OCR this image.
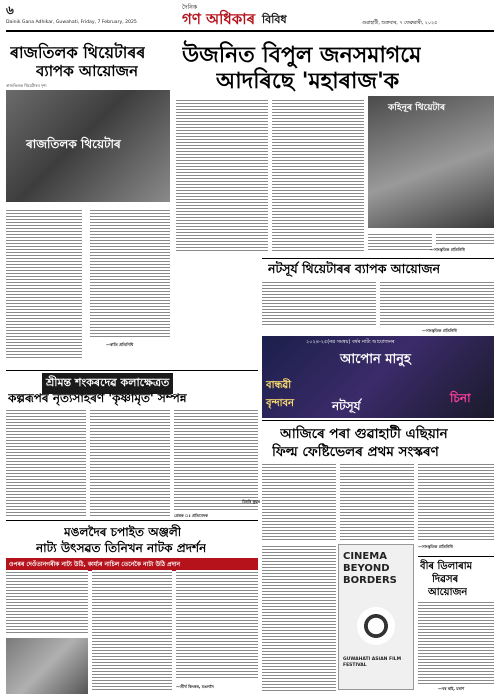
৬
Dainik Gana Adhikar, Guwahati, Friday, 7 February, 2025
দৈনিক
গণ অধিকাৰ বিবিধ	গুৱাহাটী, শুক্ৰবাৰ, ৭ ফেব্ৰুৱাৰী, ২০২৫
ৰাজতিলক থিয়েটাৰৰ
ব্যাপক আয়োজন
ৰাজতিলক থিয়েটাৰৰ দৃশ্য
ৰাজতিলক থিয়েটাৰ
—স্বাতি প্ৰতিনিধি
উজনিত বিপুল জনসমাগমে
আদৰিছে 'মহাৰাজ'ক
কহিনূৰ থিয়েটাৰ
—সাংস্কৃতিক প্ৰতিনিধি
নটসূৰ্য থিয়েটাৰৰ ব্যাপক আয়োজন
—সাংস্কৃতিক প্ৰতিনিধি
২০২৪-২৫(নৱ সমন্বয়) বৰ্ষৰ নাট্য আয়োজনৰ
আপোন মানুহ
বান্ধৱী
বৃন্দাবন	নটসূৰ্য
চিনা
শ্ৰীমন্ত শংকৰদেৱ কলাক্ষেত্ৰত
কল্পৰূপৰ নৃত্যসাহৰণ 'কৃষ্ণামৃত' সম্পন্ন
প্ৰেৰক ঃ প্ৰতিবেদক
মিৰৰি কুৱৰ
মঙলদৈৰ চপাইত অঞ্জলী
নাট্য উৎসৱত তিনিখন নাটক প্ৰদৰ্শন
ওপৰৰ দেওঁতানগৰীক নাট্য উঠি, কাৰ্য্যৰ নাচিল তেনেকৈ নাট্য উঠি প্ৰদান
—তীৰ্থ কিংকৰ, মঙলদৈ
আজিৰে পৰা গুৱাহাটী এছিয়ান
ফিল্ম ফেষ্টিভেলৰ প্ৰথম সংস্কৰণ
—সাংস্কৃতিক প্ৰতিনিধি
CINEMA
BEYOND
BORDERS
GUWAHATI ASIAN FILM FESTIVAL
বীৰ ডিলাৰাম
দিৱসৰ
আয়োজন
—বৰ ৰাই, মৰাণ
